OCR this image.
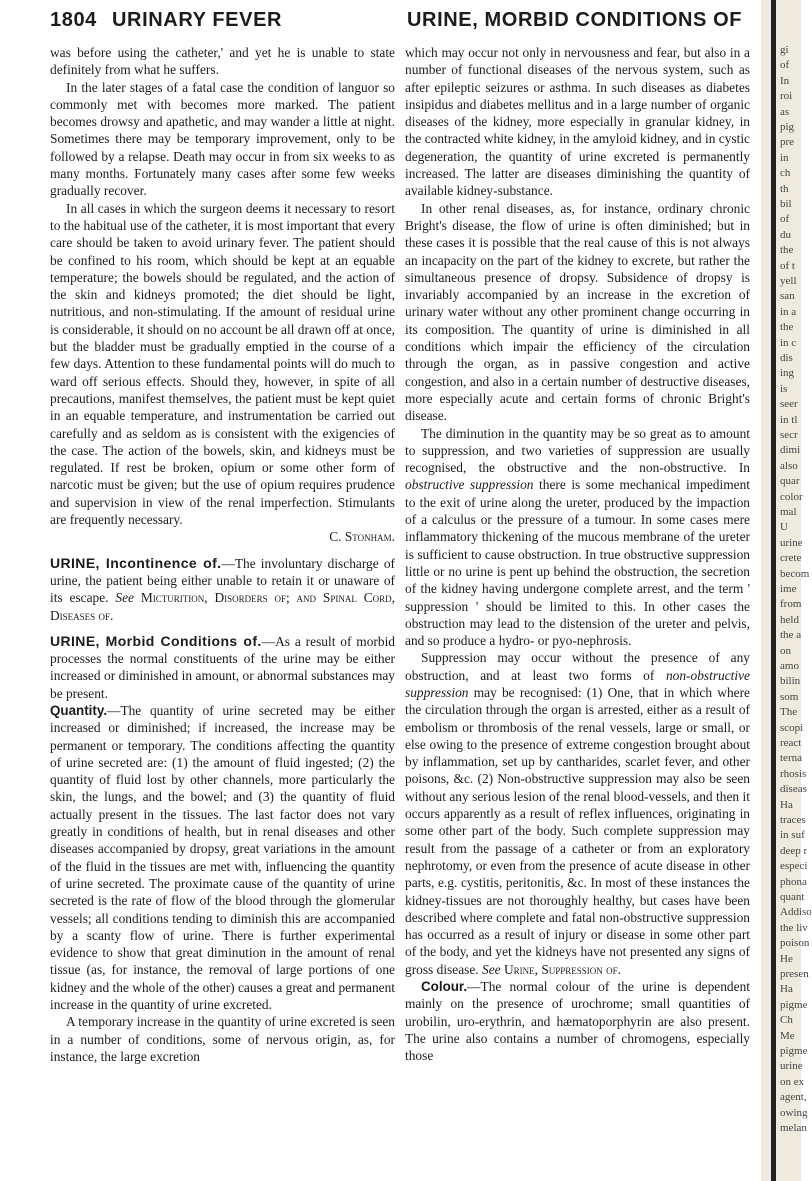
1804 URINARY FEVER	URINE, MORBID CONDITIONS OF

was before using the catheter,' and yet he is unable to state definitely from what he suffers.

In the later stages of a fatal case the condition of languor so commonly met with becomes more marked. The patient becomes drowsy and apathetic, and may wander a little at night. Sometimes there may be temporary improvement, only to be followed by a relapse. Death may occur in from six weeks to as many months. Fortunately many cases after some few weeks gradually recover.

In all cases in which the surgeon deems it necessary to resort to the habitual use of the catheter, it is most important that every care should be taken to avoid urinary fever. The patient should be confined to his room, which should be kept at an equable temperature; the bowels should be regulated, and the action of the skin and kidneys promoted; the diet should be light, nutritious, and non-stimulating. If the amount of residual urine is considerable, it should on no account be all drawn off at once, but the bladder must be gradually emptied in the course of a few days. Attention to these fundamental points will do much to ward off serious effects. Should they, however, in spite of all precautions, manifest themselves, the patient must be kept quiet in an equable temperature, and instrumentation be carried out carefully and as seldom as is consistent with the exigencies of the case. The action of the bowels, skin, and kidneys must be regulated. If rest be broken, opium or some other form of narcotic must be given; but the use of opium requires prudence and supervision in view of the renal imperfection. Stimulants are frequently necessary.

C. Stonham.

URINE, Incontinence of.—The involuntary discharge of urine, the patient being either unable to retain it or unaware of its escape. See Micturition, Disorders of; and Spinal Cord, Diseases of.

URINE, Morbid Conditions of.—As a result of morbid processes the normal constituents of the urine may be either increased or diminished in amount, or abnormal substances may be present.

Quantity.—The quantity of urine secreted may be either increased or diminished; if increased, the increase may be permanent or temporary. The conditions affecting the quantity of urine secreted are: (1) the amount of fluid ingested; (2) the quantity of fluid lost by other channels, more particularly the skin, the lungs, and the bowel; and (3) the quantity of fluid actually present in the tissues. The last factor does not vary greatly in conditions of health, but in renal diseases and other diseases accompanied by dropsy, great variations in the amount of the fluid in the tissues are met with, influencing the quantity of urine secreted. The proximate cause of the quantity of urine secreted is the rate of flow of the blood through the glomerular vessels; all conditions tending to diminish this are accompanied by a scanty flow of urine. There is further experimental evidence to show that great diminution in the amount of renal tissue (as, for instance, the removal of large portions of one kidney and the whole of the other) causes a great and permanent increase in the quantity of urine excreted.

A temporary increase in the quantity of urine excreted is seen in a number of conditions, some of nervous origin, as, for instance, the large excretion

which may occur not only in nervousness and fear, but also in a number of functional diseases of the nervous system, such as after epileptic seizures or asthma. In such diseases as diabetes insipidus and diabetes mellitus and in a large number of organic diseases of the kidney, more especially in granular kidney, in the contracted white kidney, in the amyloid kidney, and in cystic degeneration, the quantity of urine excreted is permanently increased. The latter are diseases diminishing the quantity of available kidney-substance.

In other renal diseases, as, for instance, ordinary chronic Bright's disease, the flow of urine is often diminished; but in these cases it is possible that the real cause of this is not always an incapacity on the part of the kidney to excrete, but rather the simultaneous presence of dropsy. Subsidence of dropsy is invariably accompanied by an increase in the excretion of urinary water without any other prominent change occurring in its composition. The quantity of urine is diminished in all conditions which impair the efficiency of the circulation through the organ, as in passive congestion and active congestion, and also in a certain number of destructive diseases, more especially acute and certain forms of chronic Bright's disease.

The diminution in the quantity may be so great as to amount to suppression, and two varieties of suppression are usually recognised, the obstructive and the non-obstructive. In obstructive suppression there is some mechanical impediment to the exit of urine along the ureter, produced by the impaction of a calculus or the pressure of a tumour. In some cases mere inflammatory thickening of the mucous membrane of the ureter is sufficient to cause obstruction. In true obstructive suppression little or no urine is pent up behind the obstruction, the secretion of the kidney having undergone complete arrest, and the term ' suppression ' should be limited to this. In other cases the obstruction may lead to the distension of the ureter and pelvis, and so produce a hydro- or pyo-nephrosis.

Suppression may occur without the presence of any obstruction, and at least two forms of non-obstructive suppression may be recognised: (1) One, that in which where the circulation through the organ is arrested, either as a result of embolism or thrombosis of the renal vessels, large or small, or else owing to the presence of extreme congestion brought about by inflammation, set up by cantharides, scarlet fever, and other poisons, &c. (2) Non-obstructive suppression may also be seen without any serious lesion of the renal blood-vessels, and then it occurs apparently as a result of reflex influences, originating in some other part of the body. Such complete suppression may result from the passage of a catheter or from an exploratory nephrotomy, or even from the presence of acute disease in other parts, e.g. cystitis, peritonitis, &c. In most of these instances the kidney-tissues are not thoroughly healthy, but cases have been described where complete and fatal non-obstructive suppression has occurred as a result of injury or disease in some other part of the body, and yet the kidneys have not presented any signs of gross disease. See Urine, Suppression of.

Colour.—The normal colour of the urine is dependent mainly on the presence of urochrome; small quantities of urobilin, uro-erythrin, and hæmatoporphyrin are also present. The urine also contains a number of chromogens, especially those

gi
of
In
roi
as
pig
pre
in
ch
th
bil
of
du
the
of t
yell
san
in a
the
in c
dis
ing
is
seer
in tl
secr
dimi
also
quar
color
mal
U
urine
crete
becom
ime
from
held
the a
on
amo
bilin
som
The
scopi
react
terna
rhosis
diseas
Ha
traces
in suf
deep r
especi
phona
quant
Addiso
the liv
poison
He
presen
Ha
pigme
Ch
Me
pigme
urine
on ex
agent,
owing
melan
